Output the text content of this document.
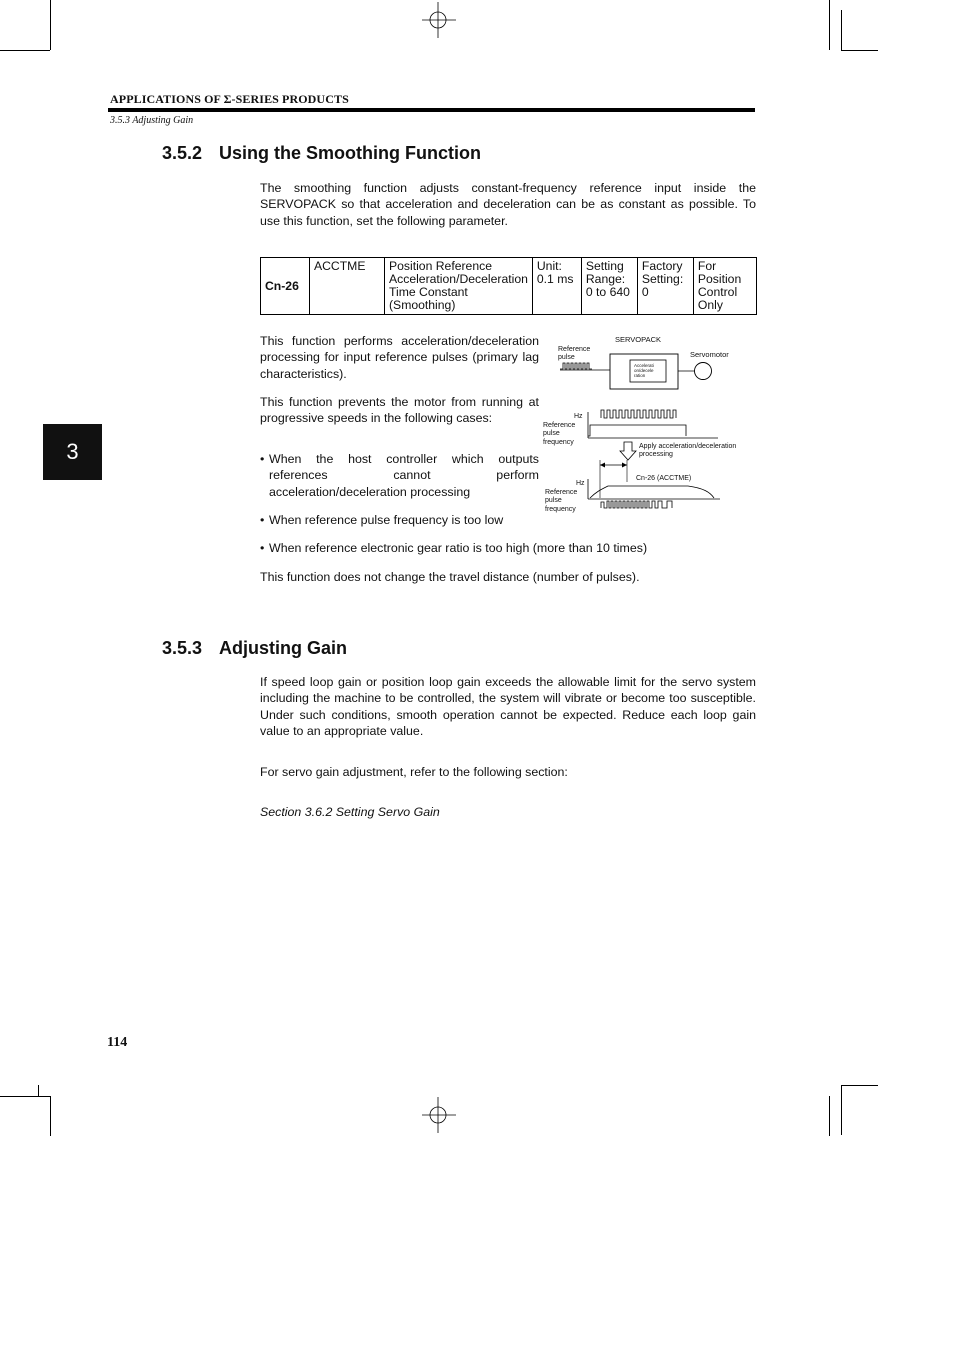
APPLICATIONS OF Σ-SERIES PRODUCTS
3.5.3 Adjusting Gain
3.5.2 Using the Smoothing Function
The smoothing function adjusts constant-frequency reference input inside the SERVOPACK so that acceleration and deceleration can be as constant as possible. To use this function, set the following parameter.
Cn-26	ACCTME	Position Reference Acceleration/Deceleration Time Constant (Smoothing)	Unit: 0.1 ms	Setting Range: 0 to 640	Factory Setting: 0	For Position Control Only
This function performs acceleration/deceleration processing for input reference pulses (primary lag characteristics).
This function prevents the motor from running at progressive speeds in the following cases:
• When the host controller which outputs references cannot perform acceleration/deceleration processing
• When reference pulse frequency is too low
• When reference electronic gear ratio is too high (more than 10 times)
This function does not change the travel distance (number of pulses).
SERVOPACK
Reference
pulse
Accelerati
on/decele
ration
Servomotor
Hz
Reference
pulse
frequency
Apply acceleration/deceleration
processing
Cn-26 (ACCTME)
Hz
Reference
pulse
frequency
3
3.5.3 Adjusting Gain
If speed loop gain or position loop gain exceeds the allowable limit for the servo system including the machine to be controlled, the system will vibrate or become too susceptible. Under such conditions, smooth operation cannot be expected. Reduce each loop gain value to an appropriate value.
For servo gain adjustment, refer to the following section:
Section 3.6.2 Setting Servo Gain
114
